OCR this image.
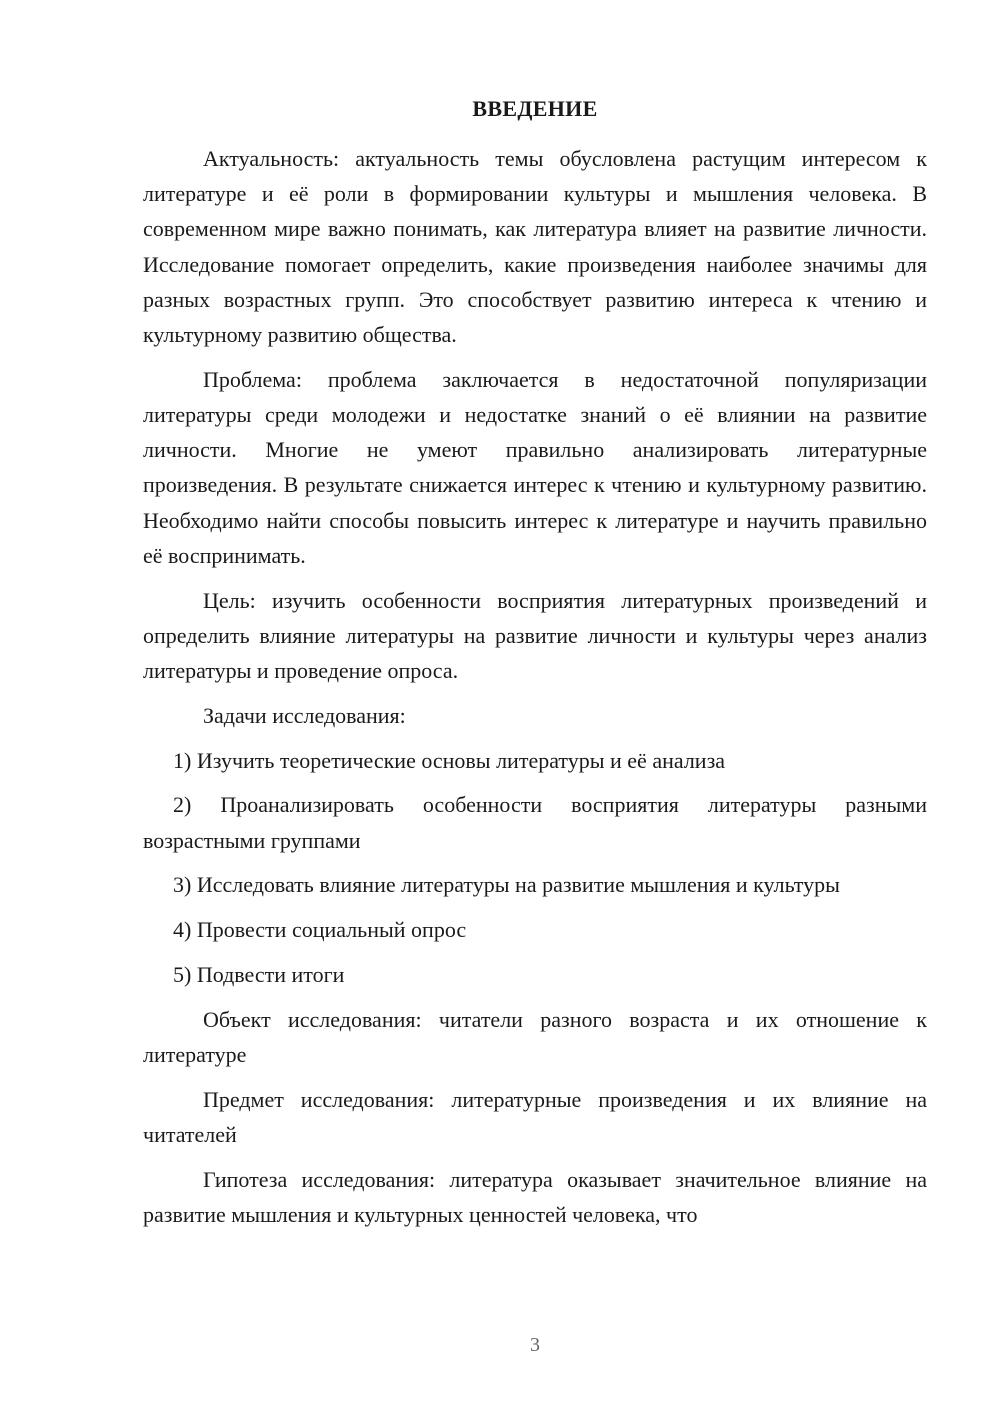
ВВЕДЕНИЕ

Актуальность: актуальность темы обусловлена растущим интересом к литературе и её роли в формировании культуры и мышления человека. В современном мире важно понимать, как литература влияет на развитие личности. Исследование помогает определить, какие произведения наиболее значимы для разных возрастных групп. Это способствует развитию интереса к чтению и культурному развитию общества.

Проблема: проблема заключается в недостаточной популяризации литературы среди молодежи и недостатке знаний о её влиянии на развитие личности. Многие не умеют правильно анализировать литературные произведения. В результате снижается интерес к чтению и культурному развитию. Необходимо найти способы повысить интерес к литературе и научить правильно её воспринимать.

Цель: изучить особенности восприятия литературных произведений и определить влияние литературы на развитие личности и культуры через анализ литературы и проведение опроса.

Задачи исследования:

1) Изучить теоретические основы литературы и её анализа

2) Проанализировать особенности восприятия литературы разными возрастными группами

3) Исследовать влияние литературы на развитие мышления и культуры

4) Провести социальный опрос

5) Подвести итоги

Объект исследования: читатели разного возраста и их отношение к литературе

Предмет исследования: литературные произведения и их влияние на читателей

Гипотеза исследования: литература оказывает значительное влияние на развитие мышления и культурных ценностей человека, что

3
